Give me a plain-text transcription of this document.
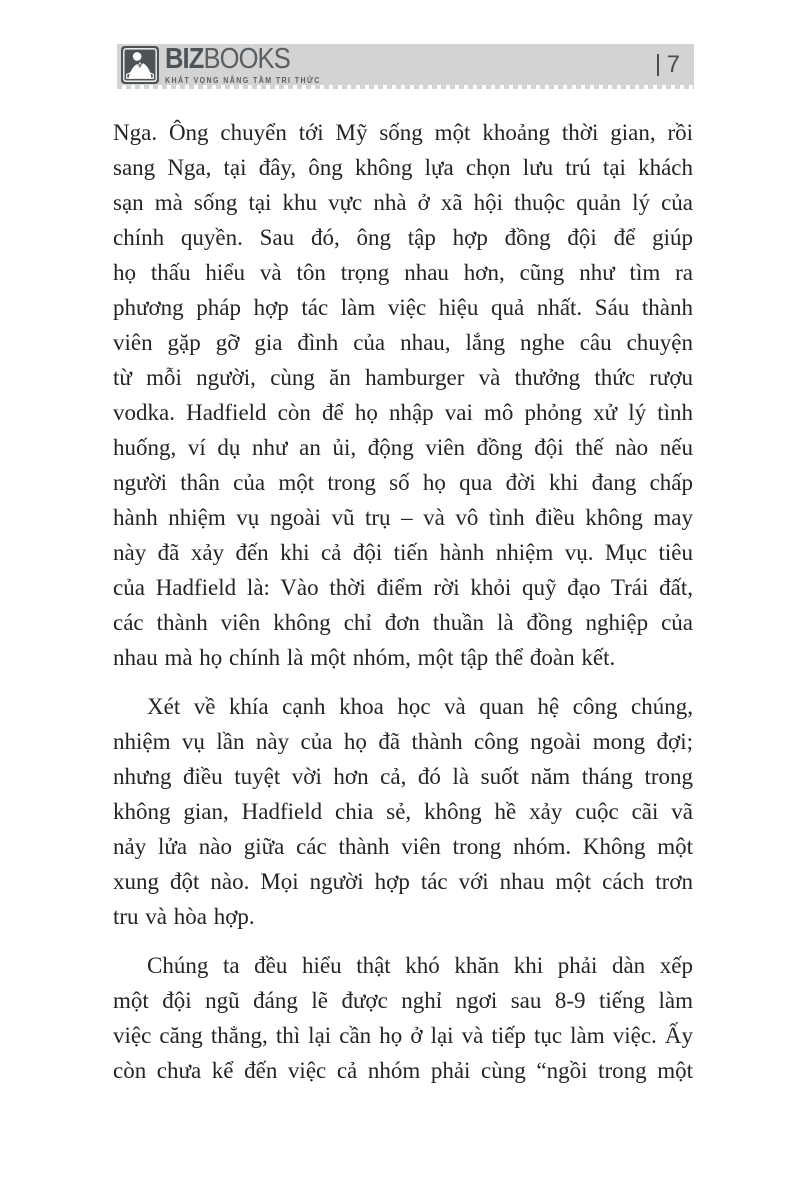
BIZBOOKS
KHÁT VỌNG NÂNG TẦM TRI THỨC
7
Nga. Ông chuyển tới Mỹ sống một khoảng thời gian, rồi
sang Nga, tại đây, ông không lựa chọn lưu trú tại khách
sạn mà sống tại khu vực nhà ở xã hội thuộc quản lý của
chính quyền. Sau đó, ông tập hợp đồng đội để giúp
họ thấu hiểu và tôn trọng nhau hơn, cũng như tìm ra
phương pháp hợp tác làm việc hiệu quả nhất. Sáu thành
viên gặp gỡ gia đình của nhau, lắng nghe câu chuyện
từ mỗi người, cùng ăn hamburger và thưởng thức rượu
vodka. Hadfield còn để họ nhập vai mô phỏng xử lý tình
huống, ví dụ như an ủi, động viên đồng đội thế nào nếu
người thân của một trong số họ qua đời khi đang chấp
hành nhiệm vụ ngoài vũ trụ – và vô tình điều không may
này đã xảy đến khi cả đội tiến hành nhiệm vụ. Mục tiêu
của Hadfield là: Vào thời điểm rời khỏi quỹ đạo Trái đất,
các thành viên không chỉ đơn thuần là đồng nghiệp của
nhau mà họ chính là một nhóm, một tập thể đoàn kết.
Xét về khía cạnh khoa học và quan hệ công chúng,
nhiệm vụ lần này của họ đã thành công ngoài mong đợi;
nhưng điều tuyệt vời hơn cả, đó là suốt năm tháng trong
không gian, Hadfield chia sẻ, không hề xảy cuộc cãi vã
nảy lửa nào giữa các thành viên trong nhóm. Không một
xung đột nào. Mọi người hợp tác với nhau một cách trơn
tru và hòa hợp.
Chúng ta đều hiểu thật khó khăn khi phải dàn xếp
một đội ngũ đáng lẽ được nghỉ ngơi sau 8-9 tiếng làm
việc căng thẳng, thì lại cần họ ở lại và tiếp tục làm việc. Ấy
còn chưa kể đến việc cả nhóm phải cùng “ngồi trong một
